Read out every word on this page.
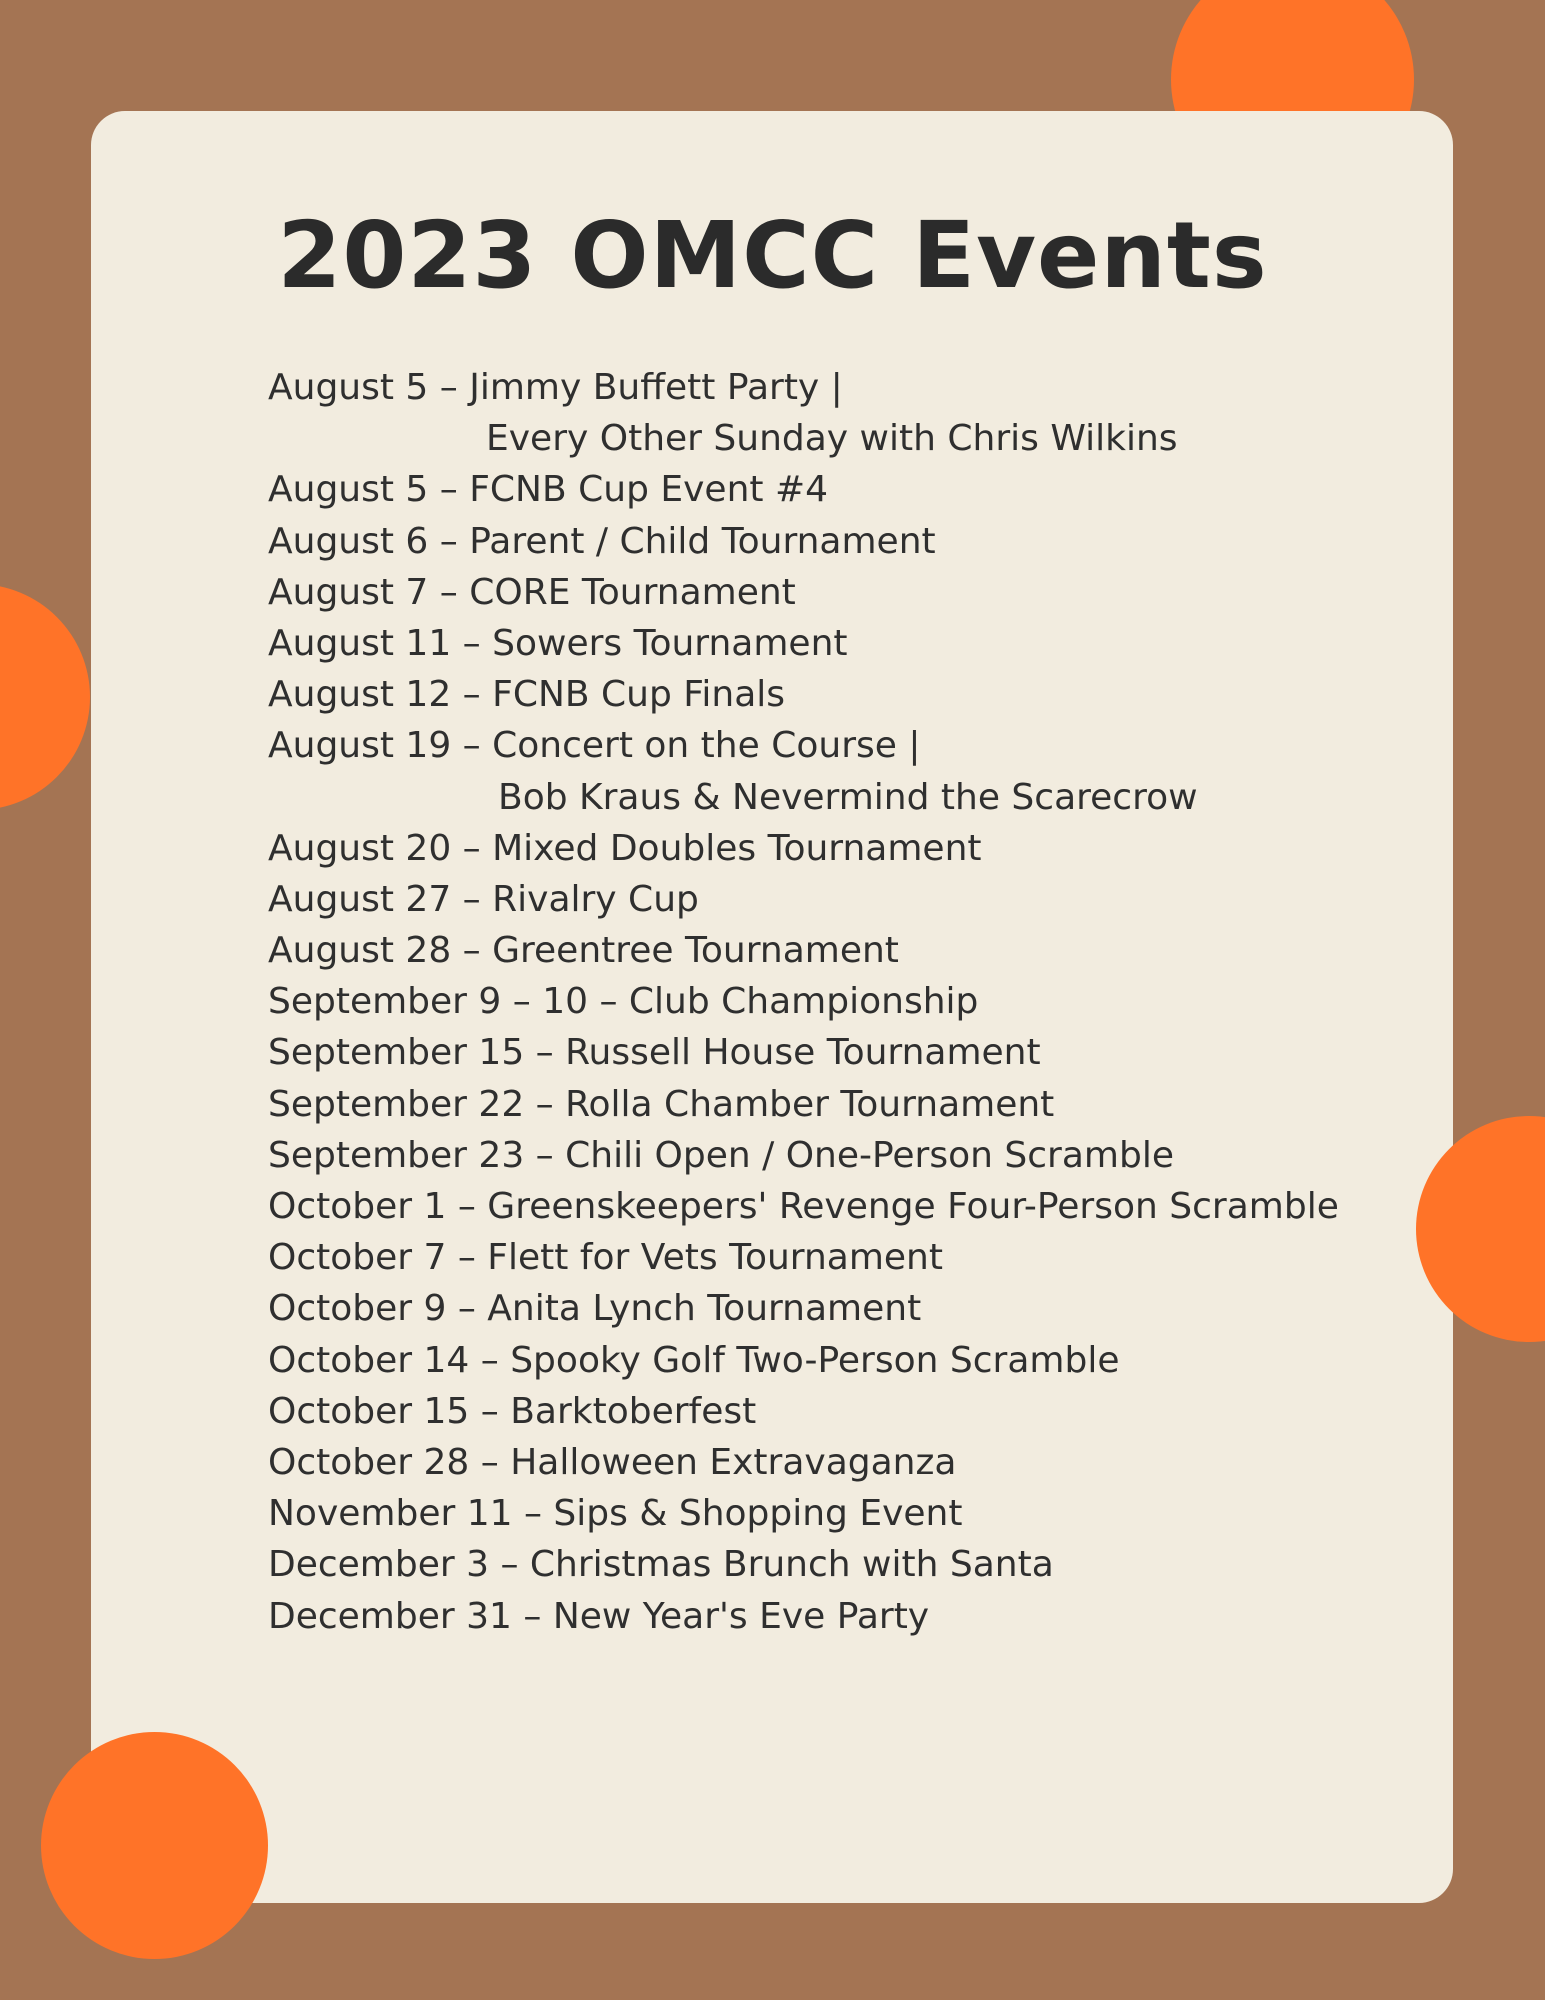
2023 OMCC Events
August 5 – Jimmy Buffett Party |
Every Other Sunday with Chris Wilkins
August 5 – FCNB Cup Event #4
August 6 – Parent / Child Tournament
August 7 – CORE Tournament
August 11 – Sowers Tournament
August 12 – FCNB Cup Finals
August 19 – Concert on the Course |
Bob Kraus & Nevermind the Scarecrow
August 20 – Mixed Doubles Tournament
August 27 – Rivalry Cup
August 28 – Greentree Tournament
September 9 – 10 – Club Championship
September 15 – Russell House Tournament
September 22 – Rolla Chamber Tournament
September 23 – Chili Open / One-Person Scramble
October 1 – Greenskeepers' Revenge Four-Person Scramble
October 7 – Flett for Vets Tournament
October 9 – Anita Lynch Tournament
October 14 – Spooky Golf Two-Person Scramble
October 15 – Barktoberfest
October 28 – Halloween Extravaganza
November 11 – Sips & Shopping Event
December 3 – Christmas Brunch with Santa
December 31 – New Year's Eve Party
